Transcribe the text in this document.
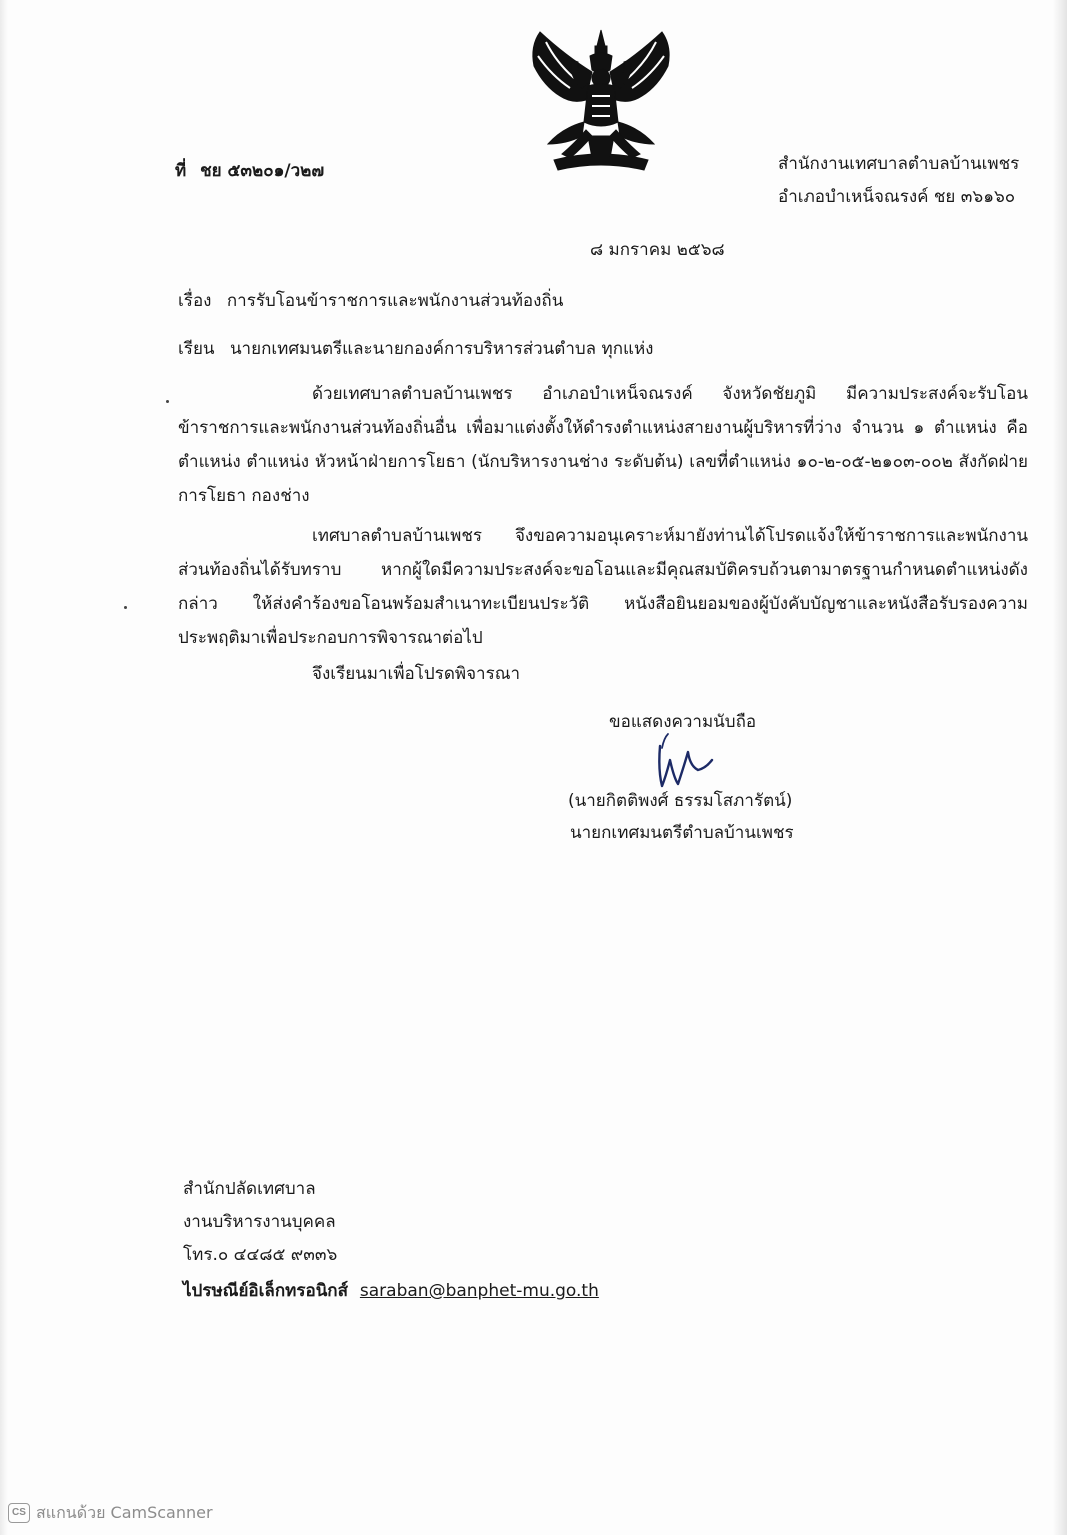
ที่ ชย ๕๓๒๐๑/ว๒๗	สำนักงานเทศบาลตำบลบ้านเพชร
อำเภอบำเหน็จณรงค์ ชย ๓๖๑๖๐
๘ มกราคม ๒๕๖๘
เรื่อง การรับโอนข้าราชการและพนักงานส่วนท้องถิ่น
เรียน นายกเทศมนตรีและนายกองค์การบริหารส่วนตำบล ทุกแห่ง
ด้วยเทศบาลตำบลบ้านเพชร อำเภอบำเหน็จณรงค์ จังหวัดชัยภูมิ มีความประสงค์จะรับโอนข้าราชการและพนักงานส่วนท้องถิ่นอื่น เพื่อมาแต่งตั้งให้ดำรงตำแหน่งสายงานผู้บริหารที่ว่าง จำนวน ๑ ตำแหน่ง คือตำแหน่ง ตำแหน่ง หัวหน้าฝ่ายการโยธา (นักบริหารงานช่าง ระดับต้น) เลขที่ตำแหน่ง ๑๐-๒-๐๕-๒๑๐๓-๐๐๒ สังกัดฝ่ายการโยธา กองช่าง
เทศบาลตำบลบ้านเพชร จึงขอความอนุเคราะห์มายังท่านได้โปรดแจ้งให้ข้าราชการและพนักงานส่วนท้องถิ่นได้รับทราบ หากผู้ใดมีความประสงค์จะขอโอนและมีคุณสมบัติครบถ้วนตามาตรฐานกำหนดตำแหน่งดังกล่าว ให้ส่งคำร้องขอโอนพร้อมสำเนาทะเบียนประวัติ หนังสือยินยอมของผู้บังคับบัญชาและหนังสือรับรองความประพฤติมาเพื่อประกอบการพิจารณาต่อไป
จึงเรียนมาเพื่อโปรดพิจารณา
ขอแสดงความนับถือ
(นายกิตติพงศ์ ธรรมโสภารัตน์)
นายกเทศมนตรีตำบลบ้านเพชร
สำนักปลัดเทศบาล
งานบริหารงานบุคคล
โทร.๐ ๔๔๘๕ ๙๓๓๖
ไปรษณีย์อิเล็กทรอนิกส์ saraban@banphet-mu.go.th
CS สแกนด้วย CamScanner
